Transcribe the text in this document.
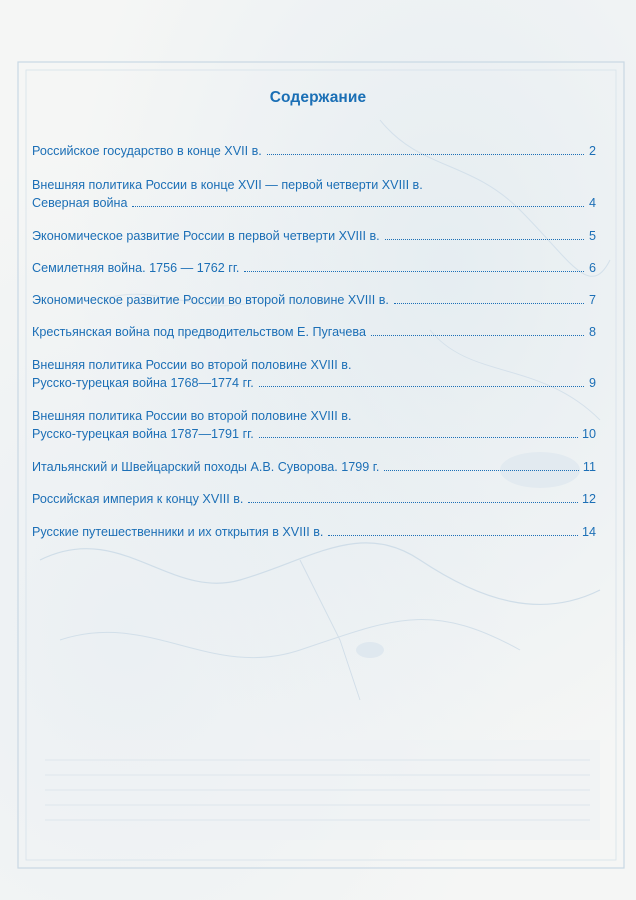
Содержание
Российское государство в конце XVII в.	2
Внешняя политика России в конце XVII — первой четверти XVIII в.
Северная война	4
Экономическое развитие России в первой четверти XVIII в.	5
Семилетняя война. 1756 — 1762 гг.	6
Экономическое развитие России во второй половине XVIII в.	7
Крестьянская война под предводительством Е. Пугачева	8
Внешняя политика России во второй половине XVIII в.
Русско-турецкая война 1768—1774 гг.	9
Внешняя политика России во второй половине XVIII в.
Русско-турецкая война 1787—1791 гг.	10
Итальянский и Швейцарский походы А.В. Суворова. 1799 г.	11
Российская империя к концу XVIII в.	12
Русские путешественники и их открытия в XVIII в.	14
